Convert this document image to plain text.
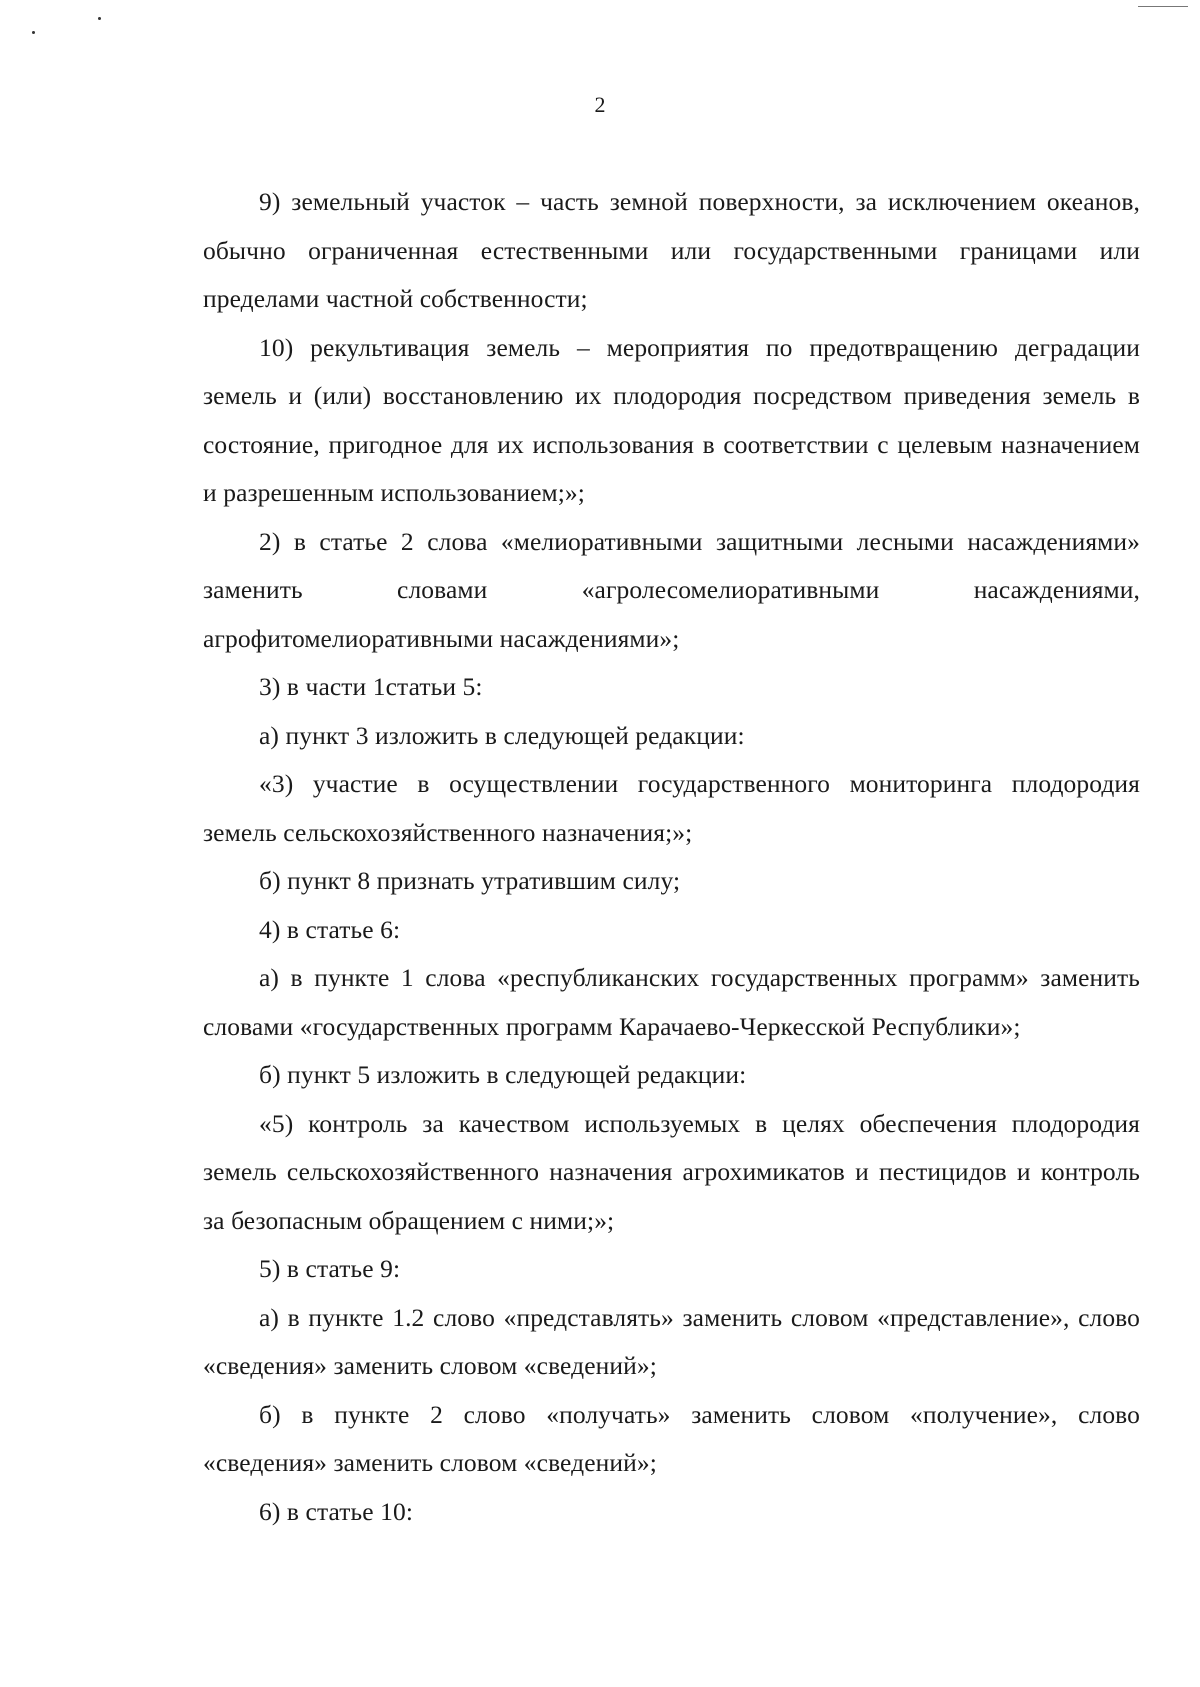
2

9) земельный участок – часть земной поверхности, за исключением океанов, обычно ограниченная естественными или государственными границами или пределами частной собственности;

10) рекультивация земель – мероприятия по предотвращению деградации земель и (или) восстановлению их плодородия посредством приведения земель в состояние, пригодное для их использования в соответствии с целевым назначением и разрешенным использованием;»;

2) в статье 2 слова «мелиоративными защитными лесными насаждениями» заменить словами «агролесомелиоративными насаждениями, агрофитомелиоративными насаждениями»;

3) в части 1статьи 5:

а) пункт 3 изложить в следующей редакции:

«3) участие в осуществлении государственного мониторинга плодородия земель сельскохозяйственного назначения;»;

б) пункт 8 признать утратившим силу;

4) в статье 6:

а) в пункте 1 слова «республиканских государственных программ» заменить словами «государственных программ Карачаево-Черкесской Республики»;

б) пункт 5 изложить в следующей редакции:

«5) контроль за качеством используемых в целях обеспечения плодородия земель сельскохозяйственного назначения агрохимикатов и пестицидов и контроль за безопасным обращением с ними;»;

5) в статье 9:

а) в пункте 1.2 слово «представлять» заменить словом «представление», слово «сведения» заменить словом «сведений»;

б) в пункте 2 слово «получать» заменить словом «получение», слово «сведения» заменить словом «сведений»;

6) в статье 10:
